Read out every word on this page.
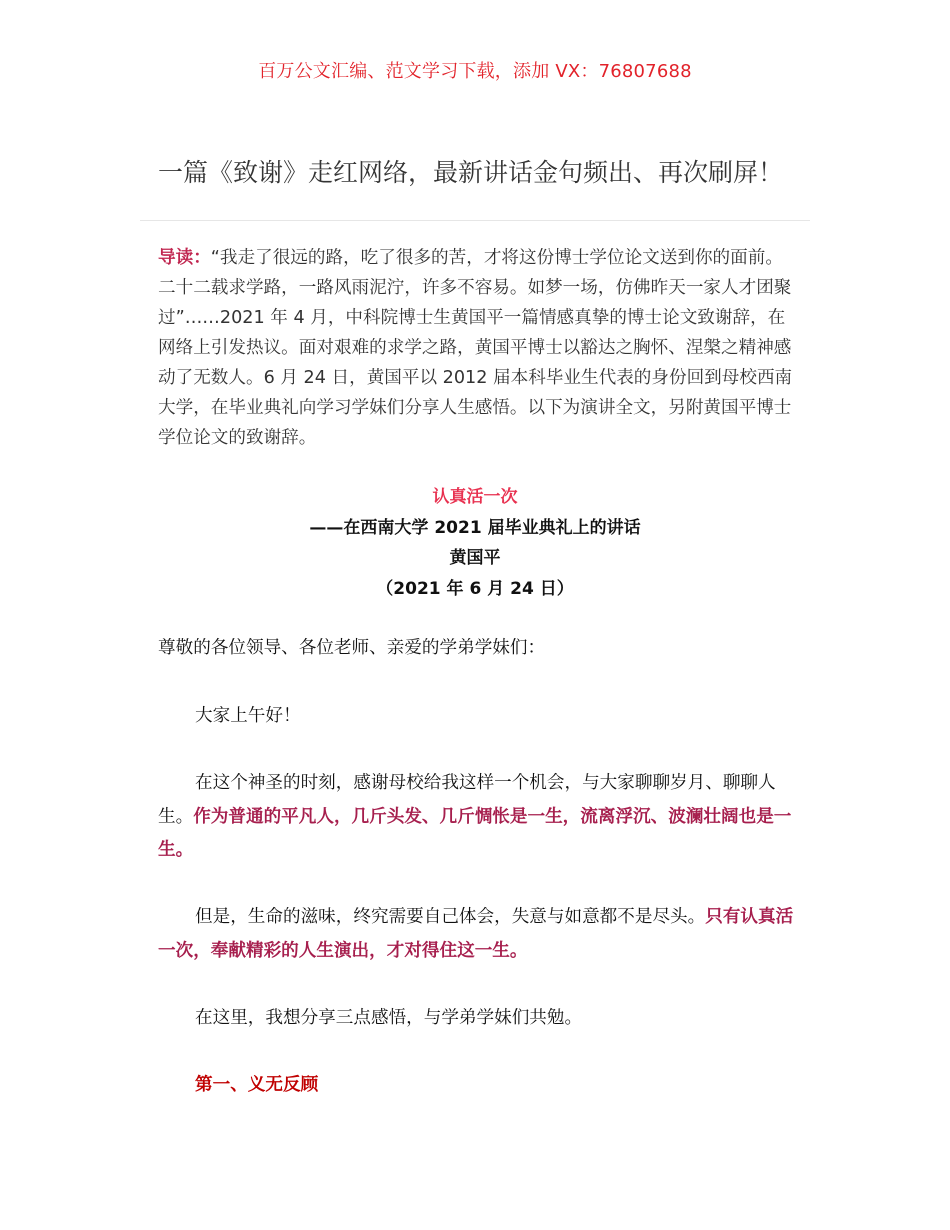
百万公文汇编、范文学习下载，添加 VX：76807688
一篇《致谢》走红网络，最新讲话金句频出、再次刷屏！
导读：“我走了很远的路，吃了很多的苦，才将这份博士学位论文送到你的面前。二十二载求学路，一路风雨泥泞，许多不容易。如梦一场，仿佛昨天一家人才团聚过”……2021 年 4 月，中科院博士生黄国平一篇情感真挚的博士论文致谢辞，在网络上引发热议。面对艰难的求学之路，黄国平博士以豁达之胸怀、涅槃之精神感动了无数人。6 月 24 日，黄国平以 2012 届本科毕业生代表的身份回到母校西南大学，在毕业典礼向学习学妹们分享人生感悟。以下为演讲全文，另附黄国平博士学位论文的致谢辞。
认真活一次
——在西南大学 2021 届毕业典礼上的讲话
黄国平
（2021 年 6 月 24 日）
尊敬的各位领导、各位老师、亲爱的学弟学妹们：
大家上午好！
在这个神圣的时刻，感谢母校给我这样一个机会，与大家聊聊岁月、聊聊人生。作为普通的平凡人，几斤头发、几斤惆怅是一生，流离浮沉、波澜壮阔也是一生。
但是，生命的滋味，终究需要自己体会，失意与如意都不是尽头。只有认真活一次，奉献精彩的人生演出，才对得住这一生。
在这里，我想分享三点感悟，与学弟学妹们共勉。
第一、义无反顾
